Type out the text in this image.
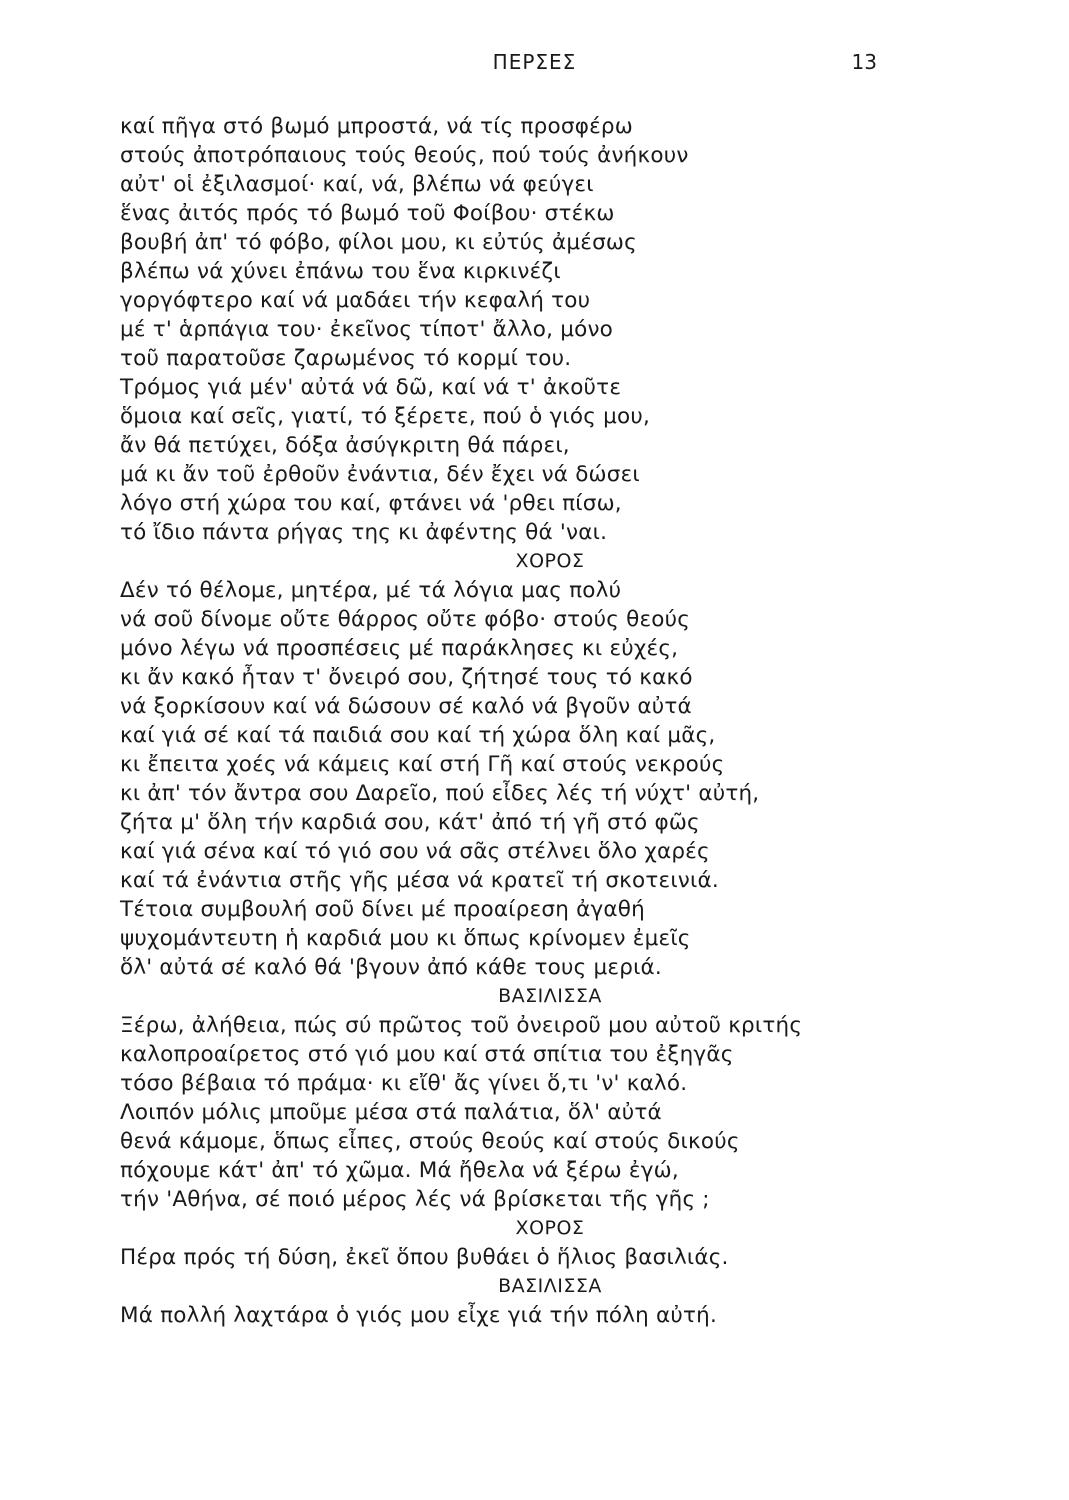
ΠΕΡΣΕΣ	13
καί πῆγα στό βωμό μπροστά, νά τίς προσφέρω
στούς ἀποτρόπαιους τούς θεούς, πού τούς ἀνήκουν
αὐτ' οἱ ἐξιλασμοί· καί, νά, βλέπω νά φεύγει
ἕνας ἀιτός πρός τό βωμό τοῦ Φοίβου· στέκω
βουβή ἀπ' τό φόβο, φίλοι μου, κι εὐτύς ἀμέσως
βλέπω νά χύνει ἐπάνω του ἕνα κιρκινέζι
γοργόφτερο καί νά μαδάει τήν κεφαλή του
μέ τ' ἁρπάγια του· ἐκεῖνος τίποτ' ἄλλο, μόνο
τοῦ παρατοῦσε ζαρωμένος τό κορμί του.
Τρόμος γιά μέν' αὐτά νά δῶ, καί νά τ' ἀκοῦτε
ὅμοια καί σεῖς, γιατί, τό ξέρετε, πού ὁ γιός μου,
ἄν θά πετύχει, δόξα ἀσύγκριτη θά πάρει,
μά κι ἄν τοῦ ἐρθοῦν ἐνάντια, δέν ἔχει νά δώσει
λόγο στή χώρα του καί, φτάνει νά 'ρθει πίσω,
τό ἴδιο πάντα ρήγας της κι ἀφέντης θά 'ναι.
ΧΟΡΟΣ
Δέν τό θέλομε, μητέρα, μέ τά λόγια μας πολύ
νά σοῦ δίνομε οὔτε θάρρος οὔτε φόβο· στούς θεούς
μόνο λέγω νά προσπέσεις μέ παράκλησες κι εὐχές,
κι ἄν κακό ἦταν τ' ὄνειρό σου, ζήτησέ τους τό κακό
νά ξορκίσουν καί νά δώσουν σέ καλό νά βγοῦν αὐτά
καί γιά σέ καί τά παιδιά σου καί τή χώρα ὅλη καί μᾶς,
κι ἔπειτα χοές νά κάμεις καί στή Γῆ καί στούς νεκρούς
κι ἀπ' τόν ἄντρα σου Δαρεῖο, πού εἶδες λές τή νύχτ' αὐτή,
ζήτα μ' ὅλη τήν καρδιά σου, κάτ' ἀπό τή γῆ στό φῶς
καί γιά σένα καί τό γιό σου νά σᾶς στέλνει ὅλο χαρές
καί τά ἐνάντια στῆς γῆς μέσα νά κρατεῖ τή σκοτεινιά.
Τέτοια συμβουλή σοῦ δίνει μέ προαίρεση ἀγαθή
ψυχομάντευτη ἡ καρδιά μου κι ὅπως κρίνομεν ἐμεῖς
ὅλ' αὐτά σέ καλό θά 'βγουν ἀπό κάθε τους μεριά.
ΒΑΣΙΛΙΣΣΑ
Ξέρω, ἀλήθεια, πώς σύ πρῶτος τοῦ ὀνειροῦ μου αὐτοῦ κριτής
καλοπροαίρετος στό γιό μου καί στά σπίτια του ἐξηγᾶς
τόσο βέβαια τό πράμα· κι εἴθ' ἄς γίνει ὅ,τι 'ν' καλό.
Λοιπόν μόλις μποῦμε μέσα στά παλάτια, ὅλ' αὐτά
θενά κάμομε, ὅπως εἶπες, στούς θεούς καί στούς δικούς
πόχουμε κάτ' ἀπ' τό χῶμα. Μά ἤθελα νά ξέρω ἐγώ,
τήν 'Αθήνα, σέ ποιό μέρος λές νά βρίσκεται τῆς γῆς ;
ΧΟΡΟΣ
Πέρα πρός τή δύση, ἐκεῖ ὅπου βυθάει ὁ ἥλιος βασιλιάς.
ΒΑΣΙΛΙΣΣΑ
Μά πολλή λαχτάρα ὁ γιός μου εἶχε γιά τήν πόλη αὐτή.
